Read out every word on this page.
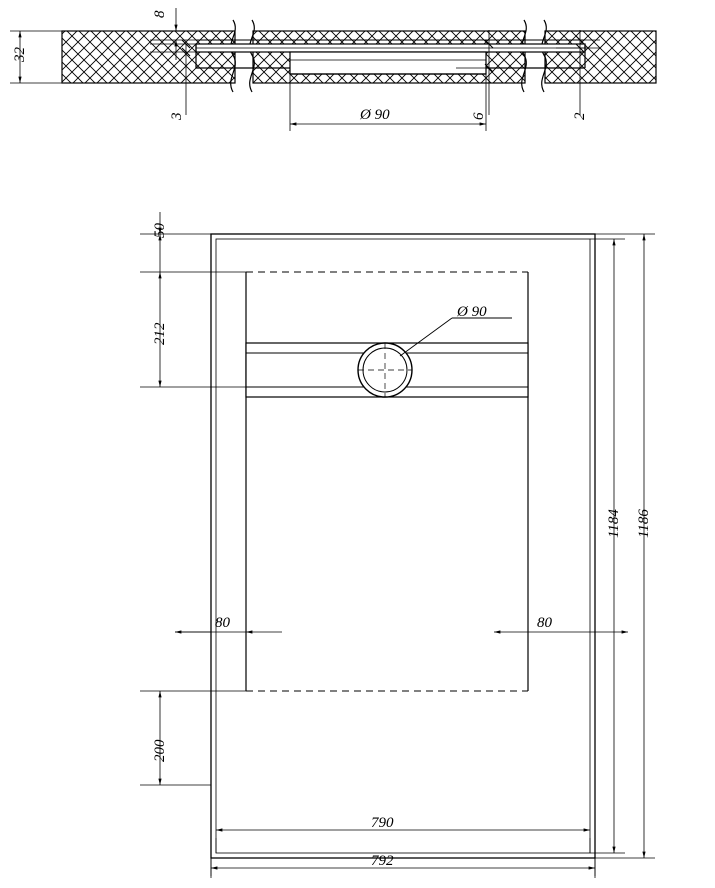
32
8
3	6	2
Ø 90
50
212
200
1184 1186
80	80
790
792
Ø 90
